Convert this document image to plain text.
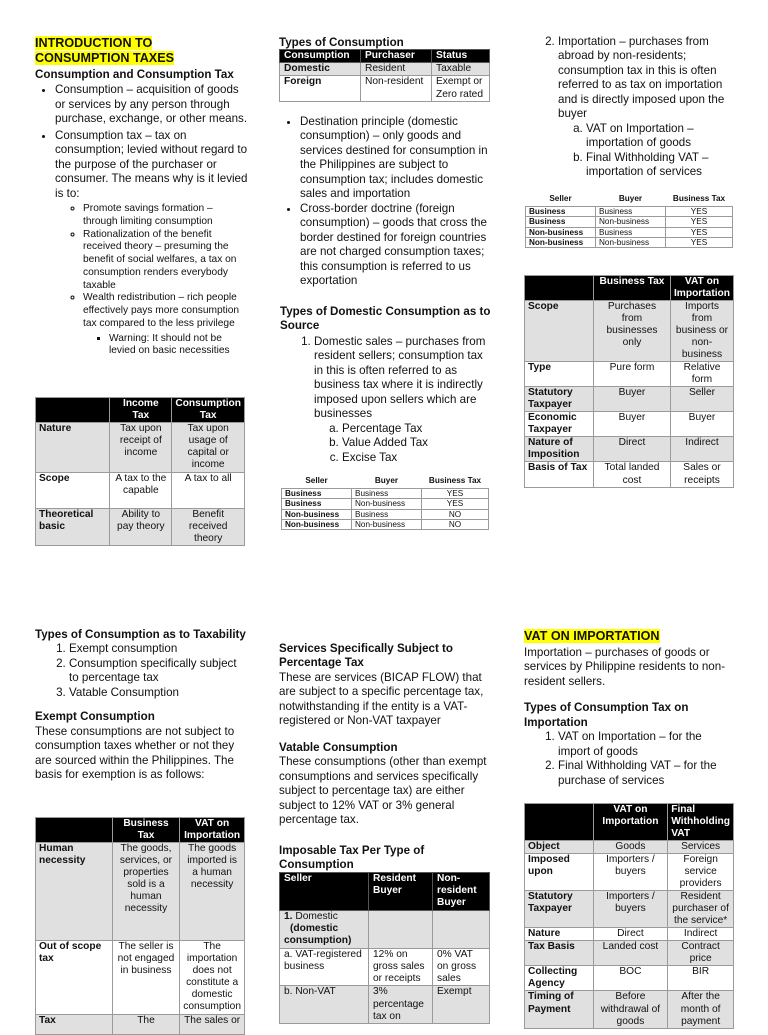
INTRODUCTION TO
CONSUMPTION TAXES
Consumption and Consumption Tax
• Consumption – acquisition of goods or services by any person through purchase, exchange, or other means.
• Consumption tax – tax on consumption; levied without regard to the purpose of the purchaser or consumer. The means why is it levied is to:
◦ Promote savings formation – through limiting consumption
◦ Rationalization of the benefit received theory – presuming the benefit of social welfares, a tax on consumption renders everybody taxable
◦ Wealth redistribution – rich people effectively pays more consumption tax compared to the less privilege
▪ Warning: It should not be levied on basic necessities
	Income Tax	Consumption Tax
Nature	Tax upon receipt of income	Tax upon usage of capital or income
Scope	A tax to the capable	A tax to all
Theoretical basic	Ability to pay theory	Benefit received theory
Types of Consumption
Consumption	Purchaser	Status
Domestic	Resident	Taxable
Foreign	Non-resident	Exempt or Zero rated
• Destination principle (domestic consumption) – only goods and services destined for consumption in the Philippines are subject to consumption tax; includes domestic sales and importation
• Cross-border doctrine (foreign consumption) – goods that cross the border destined for foreign countries are not charged consumption taxes; this consumption is referred to us exportation
Types of Domestic Consumption as to Source
1. Domestic sales – purchases from resident sellers; consumption tax in this is often referred to as business tax where it is indirectly imposed upon sellers which are businesses
a. Percentage Tax
b. Value Added Tax
c. Excise Tax
Seller	Buyer	Business Tax
Business	Business	YES
Business	Non-business	YES
Non-business	Business	NO
Non-business	Non-business	NO
2. Importation – purchases from abroad by non-residents; consumption tax in this is often referred to as tax on importation and is directly imposed upon the buyer
a. VAT on Importation – importation of goods
b. Final Withholding VAT – importation of services
Seller	Buyer	Business Tax
Business	Business	YES
Business	Non-business	YES
Non-business	Business	YES
Non-business	Non-business	YES
	Business Tax	VAT on Importation
Scope	Purchases from businesses only	Imports from business or non-business
Type	Pure form	Relative form
Statutory Taxpayer	Buyer	Seller
Economic Taxpayer	Buyer	Buyer
Nature of Imposition	Direct	Indirect
Basis of Tax	Total landed cost	Sales or receipts
Types of Consumption as to Taxability
1. Exempt consumption
2. Consumption specifically subject to percentage tax
3. Vatable Consumption
Exempt Consumption

These consumptions are not subject to consumption taxes whether or not they are sourced within the Philippines. The basis for exemption is as follows:

	Business Tax	VAT on Importation
Human necessity	The goods, services, or properties sold is a human necessity	The goods imported is a human necessity
Out of scope tax	The seller is not engaged in business	The importation does not constitute a domestic consumption
Tax	The	The sales or
Services Specifically Subject to Percentage Tax

These are services (BICAP FLOW) that are subject to a specific percentage tax, notwithstanding if the entity is a VAT-registered or Non-VAT taxpayer

Vatable Consumption

These consumptions (other than exempt consumptions and services specifically subject to percentage tax) are either subject to 12% VAT or 3% general percentage tax.

Imposable Tax Per Type of Consumption
Seller	Resident Buyer	Non-resident Buyer
1. Domestic
(domestic consumption)		
a. VAT-registered business	12% on gross sales or receipts	0% VAT on gross sales
b. Non-VAT	3% percentage tax on	Exempt
VAT ON IMPORTATION

Importation – purchases of goods or services by Philippine residents to non-resident sellers.

Types of Consumption Tax on Importation
1. VAT on Importation – for the import of goods
2. Final Withholding VAT – for the purchase of services
	VAT on Importation	Final Withholding VAT
Object	Goods	Services
Imposed upon	Importers / buyers	Foreign service providers
Statutory Taxpayer	Importers / buyers	Resident purchaser of the service*
Nature	Direct	Indirect
Tax Basis	Landed cost	Contract price
Collecting Agency	BOC	BIR
Timing of Payment	Before withdrawal of goods	After the month of payment
